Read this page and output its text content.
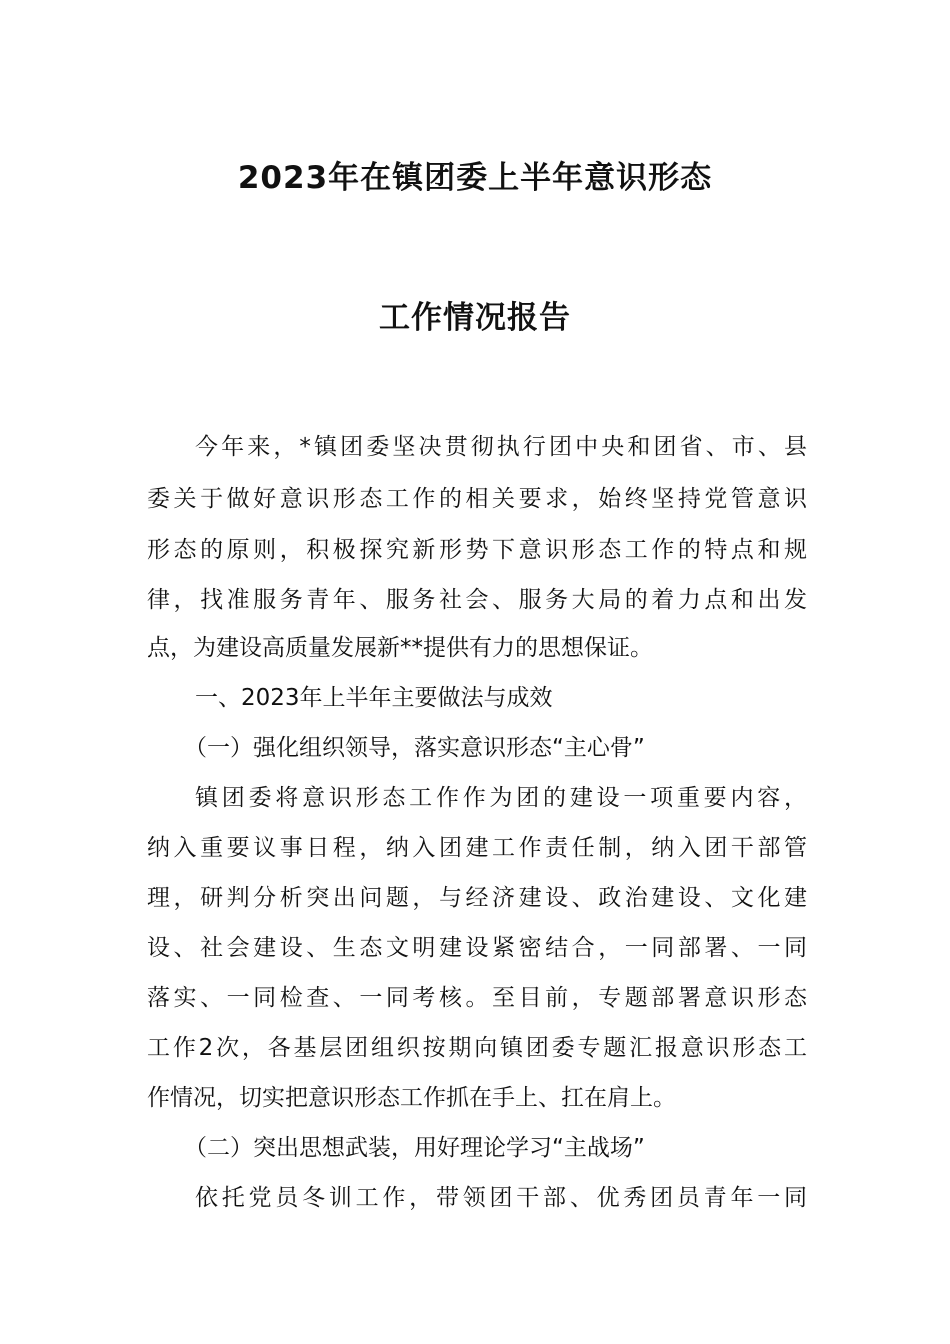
2023年在镇团委上半年意识形态
工作情况报告

今年来，*镇团委坚决贯彻执行团中央和团省、市、县

委关于做好意识形态工作的相关要求，始终坚持党管意识

形态的原则，积极探究新形势下意识形态工作的特点和规

律，找准服务青年、服务社会、服务大局的着力点和出发

点，为建设高质量发展新**提供有力的思想保证。

一、2023年上半年主要做法与成效

（一）强化组织领导，落实意识形态“主心骨”

镇团委将意识形态工作作为团的建设一项重要内容，

纳入重要议事日程，纳入团建工作责任制，纳入团干部管

理，研判分析突出问题，与经济建设、政治建设、文化建

设、社会建设、生态文明建设紧密结合，一同部署、一同

落实、一同检查、一同考核。至目前，专题部署意识形态

工作2次，各基层团组织按期向镇团委专题汇报意识形态工

作情况，切实把意识形态工作抓在手上、扛在肩上。

（二）突出思想武装，用好理论学习“主战场”

依托党员冬训工作，带领团干部、优秀团员青年一同
